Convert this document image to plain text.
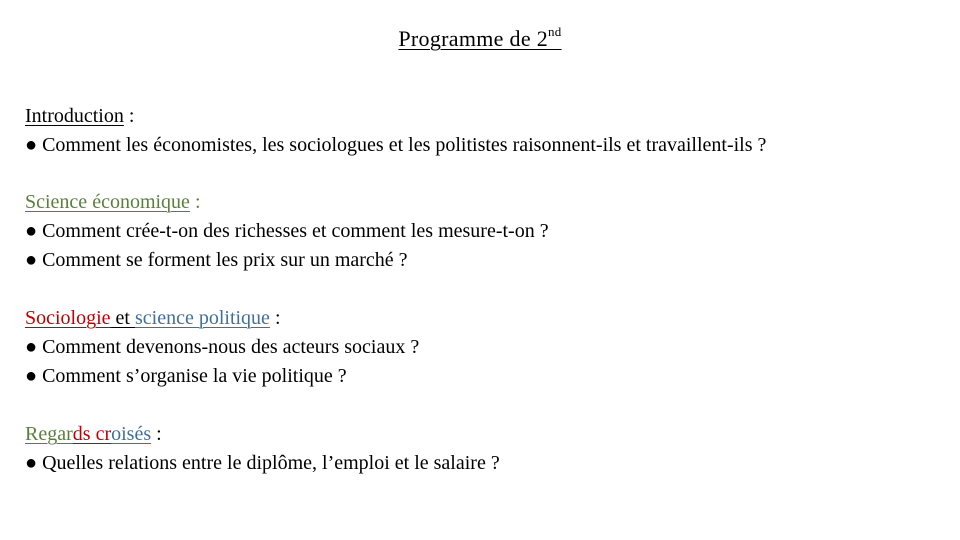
Programme de 2nd
Introduction :
● Comment les économistes, les sociologues et les politistes raisonnent-ils et travaillent-ils ?
Science économique :
● Comment crée-t-on des richesses et comment les mesure-t-on ?
● Comment se forment les prix sur un marché ?
Sociologie et science politique :
● Comment devenons-nous des acteurs sociaux ?
● Comment s’organise la vie politique ?
Regards croisés :
● Quelles relations entre le diplôme, l’emploi et le salaire ?
